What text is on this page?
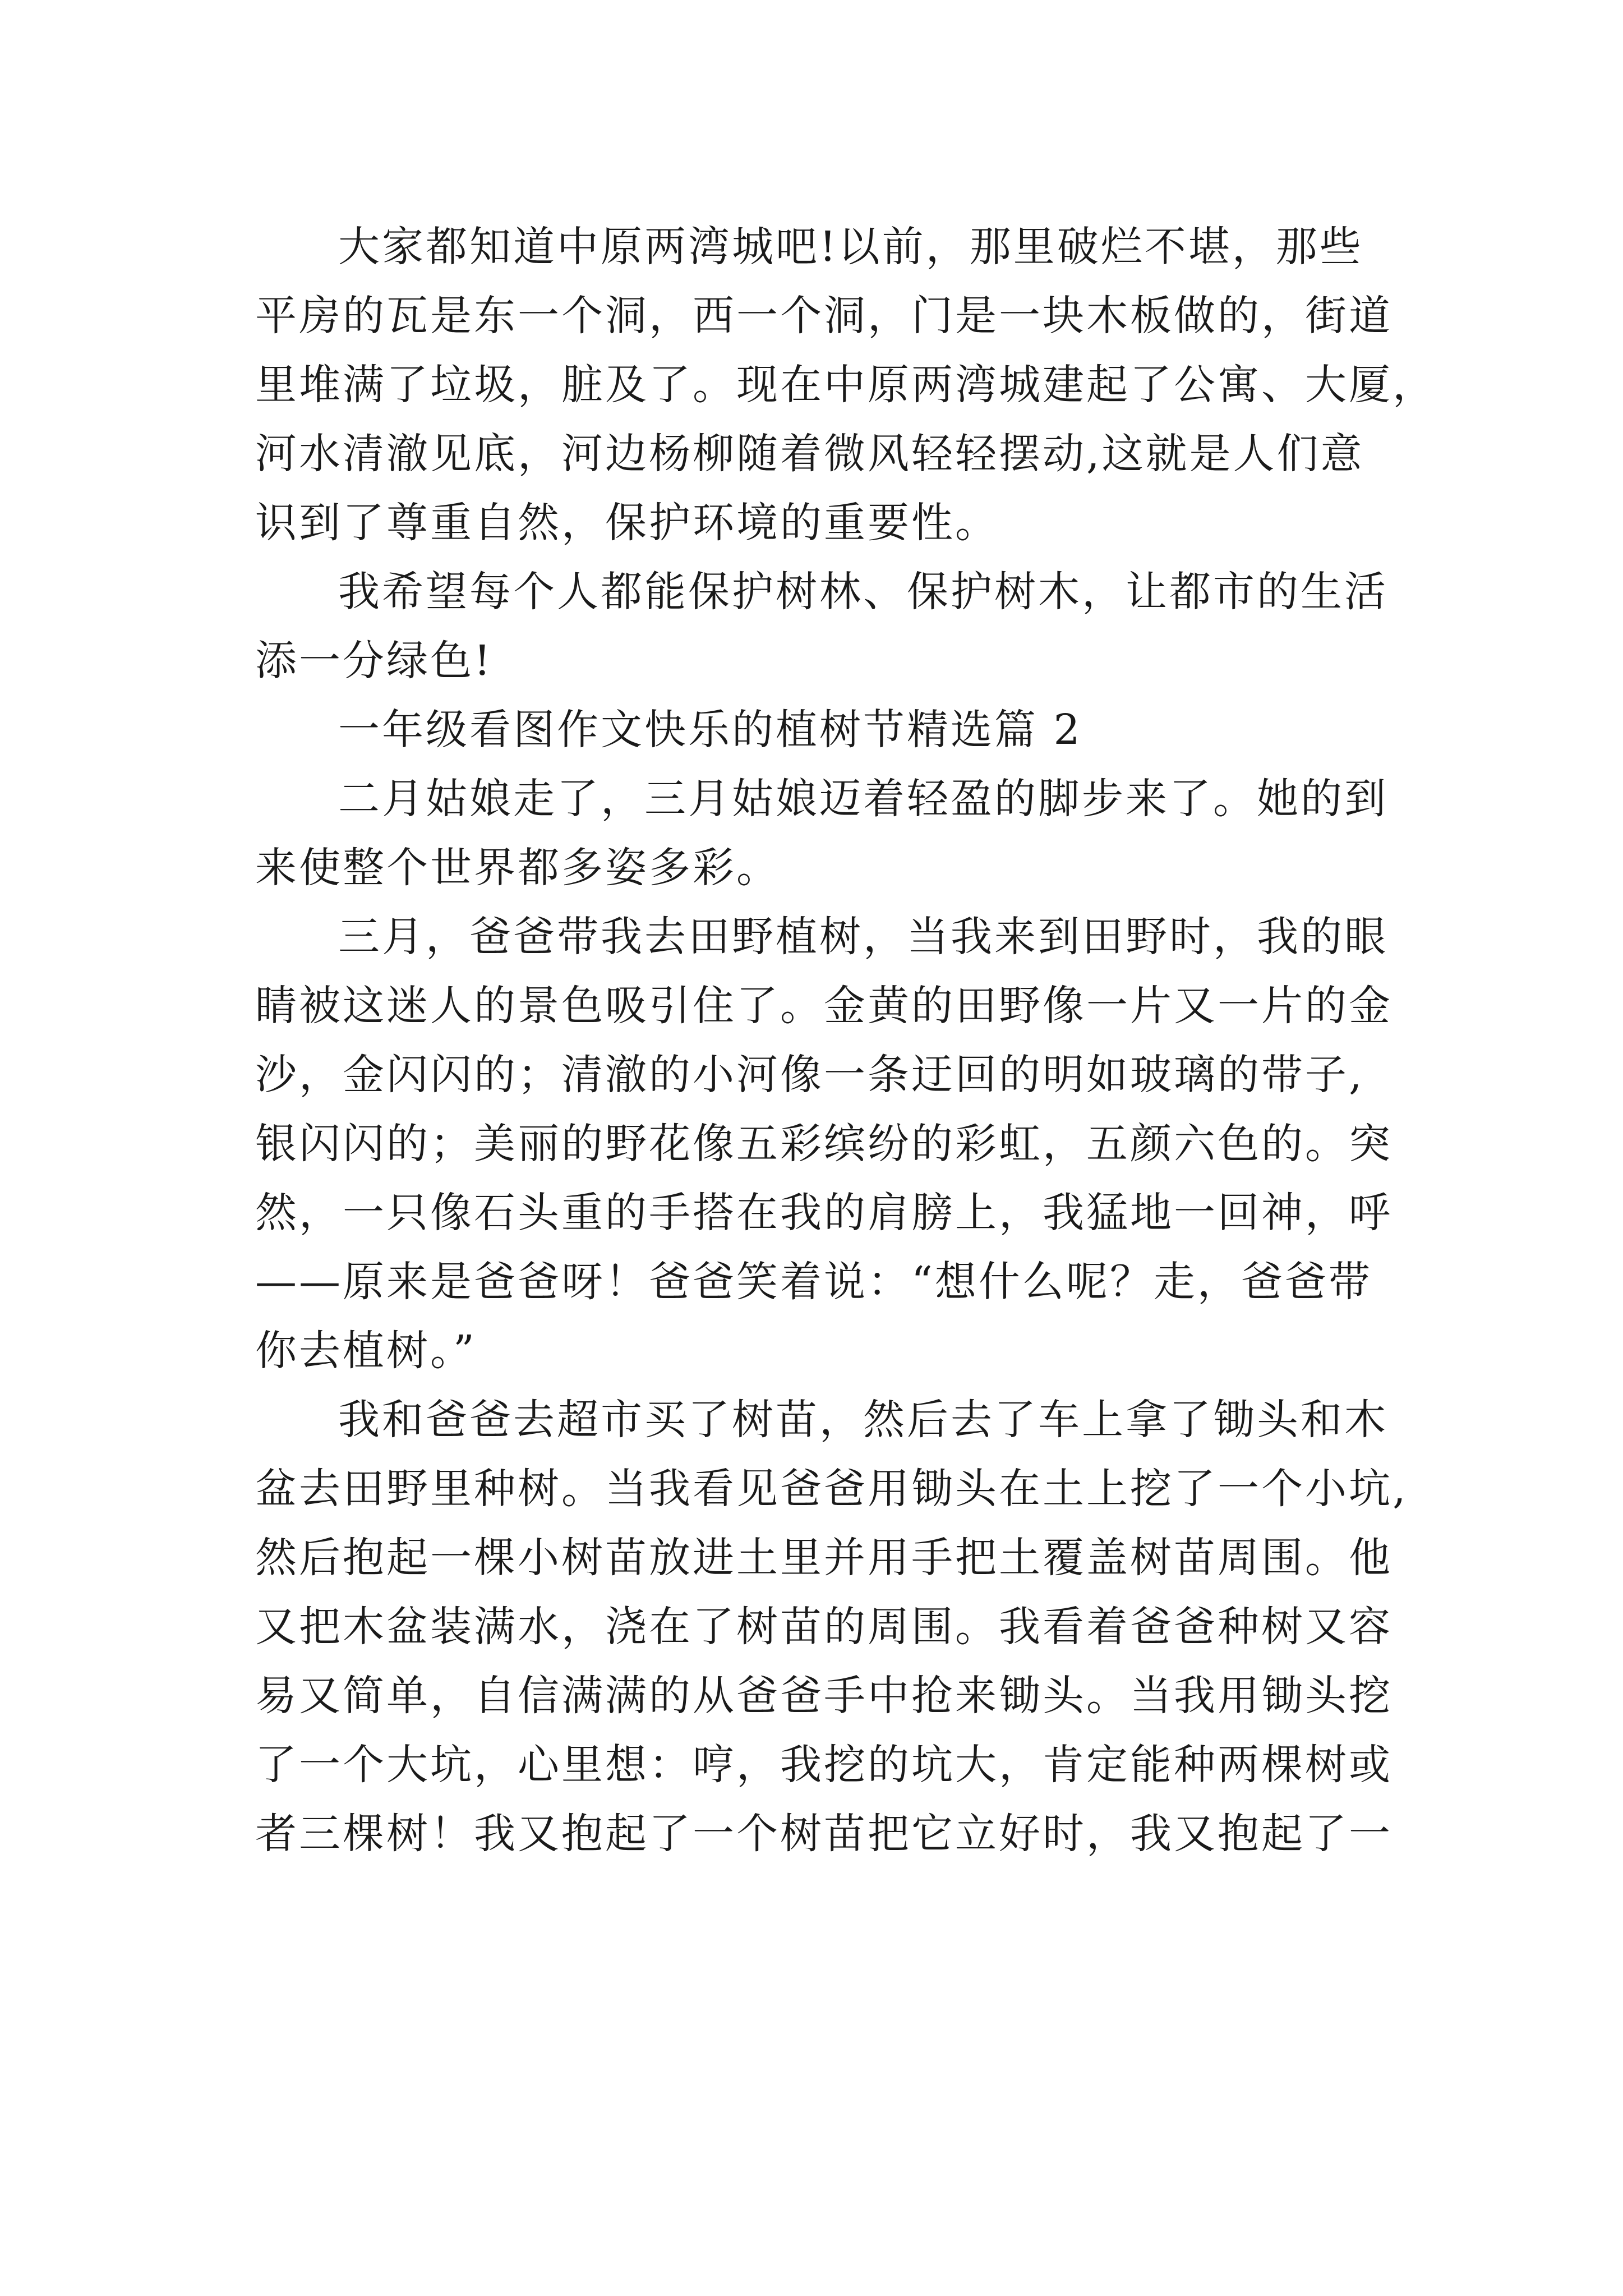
大家都知道中原两湾城吧!以前，那里破烂不堪，那些
平房的瓦是东一个洞，西一个洞，门是一块木板做的，街道
里堆满了垃圾，脏及了。现在中原两湾城建起了公寓、大厦，
河水清澈见底，河边杨柳随着微风轻轻摆动,这就是人们意
识到了尊重自然，保护环境的重要性。
我希望每个人都能保护树林、保护树木，让都市的生活
添一分绿色!
一年级看图作文快乐的植树节精选篇 2
二月姑娘走了，三月姑娘迈着轻盈的脚步来了。她的到
来使整个世界都多姿多彩。
三月，爸爸带我去田野植树，当我来到田野时，我的眼
睛被这迷人的景色吸引住了。金黄的田野像一片又一片的金
沙，金闪闪的；清澈的小河像一条迂回的明如玻璃的带子,
银闪闪的；美丽的野花像五彩缤纷的彩虹，五颜六色的。突
然，一只像石头重的手搭在我的肩膀上，我猛地一回神，呼
——原来是爸爸呀！爸爸笑着说：“想什么呢？走，爸爸带
你去植树。”
我和爸爸去超市买了树苗，然后去了车上拿了锄头和木
盆去田野里种树。当我看见爸爸用锄头在土上挖了一个小坑,
然后抱起一棵小树苗放进土里并用手把土覆盖树苗周围。他
又把木盆装满水，浇在了树苗的周围。我看着爸爸种树又容
易又简单，自信满满的从爸爸手中抢来锄头。当我用锄头挖
了一个大坑，心里想：哼，我挖的坑大，肯定能种两棵树或
者三棵树！我又抱起了一个树苗把它立好时，我又抱起了一
